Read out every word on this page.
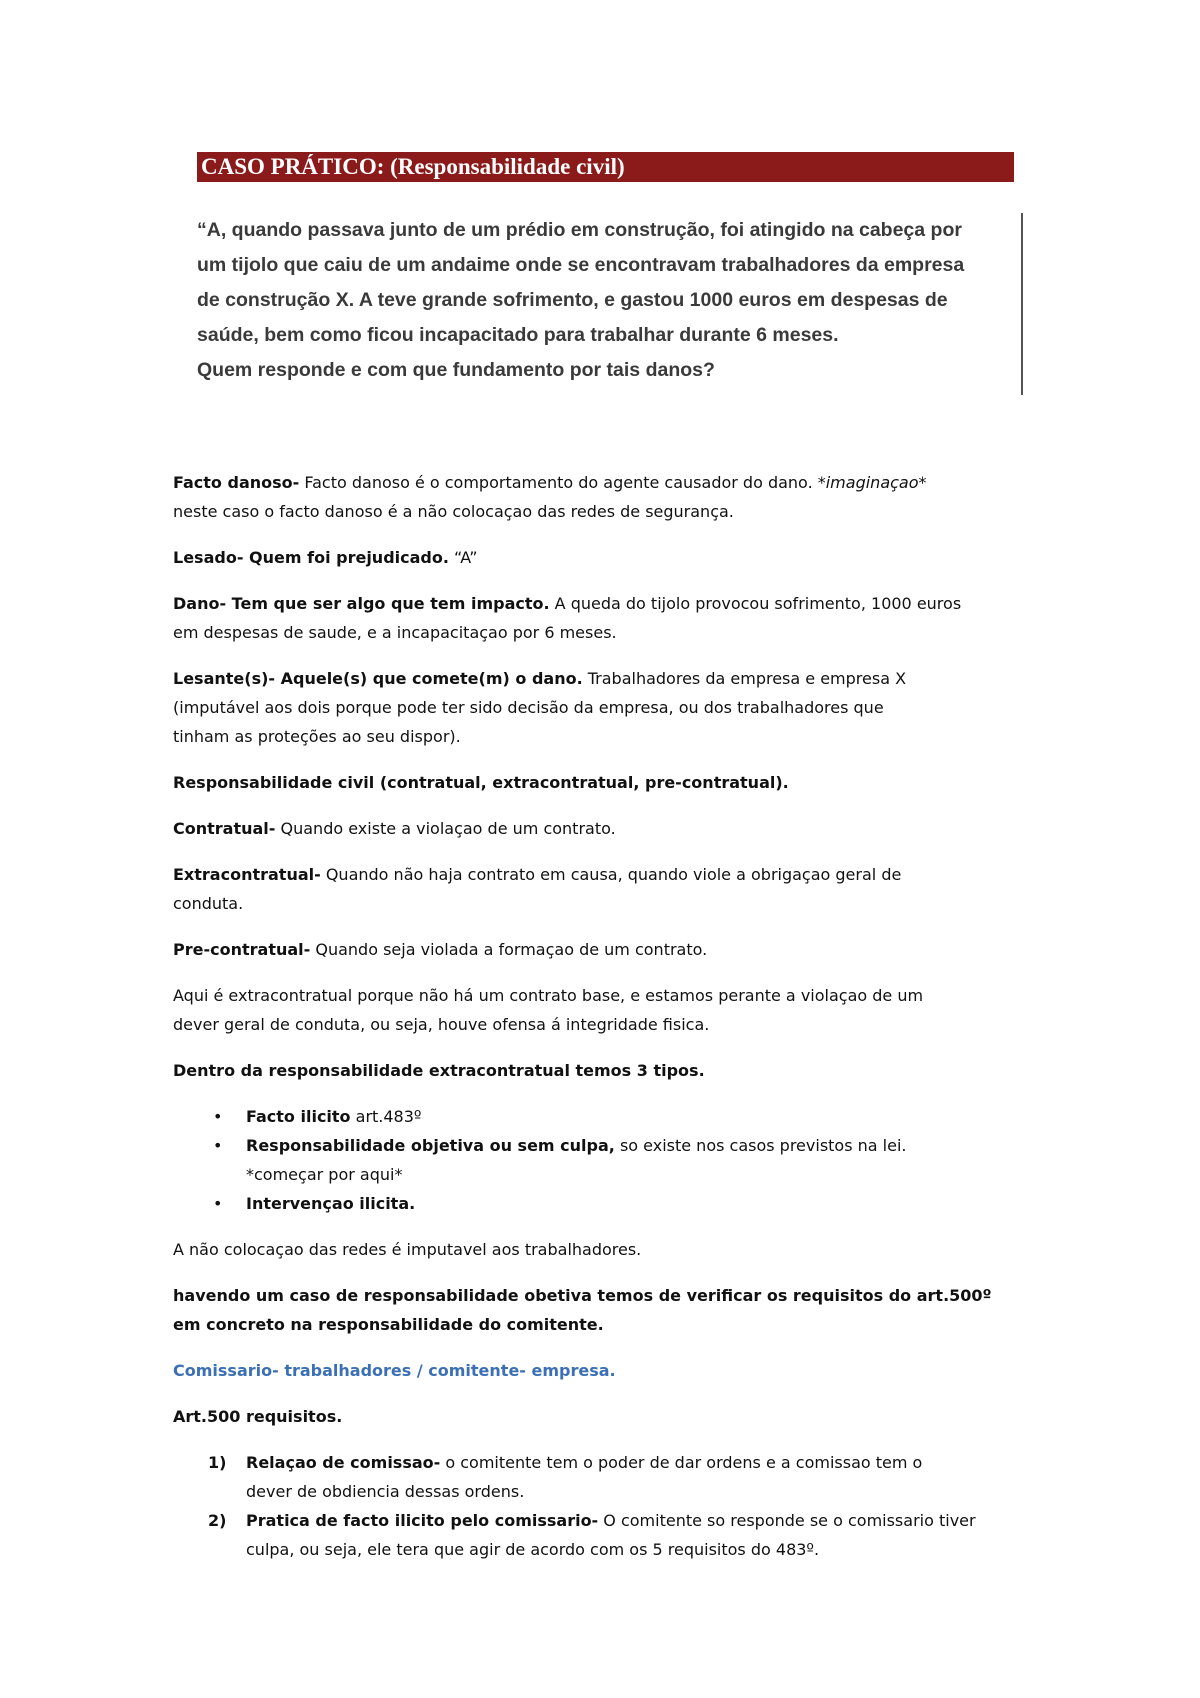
CASO PRÁTICO: (Responsabilidade civil)

“A, quando passava junto de um prédio em construção, foi atingido na cabeça por

um tijolo que caiu de um andaime onde se encontravam trabalhadores da empresa

de construção X. A teve grande sofrimento, e gastou 1000 euros em despesas de

saúde, bem como ficou incapacitado para trabalhar durante 6 meses.

Quem responde e com que fundamento por tais danos?

Facto danoso- Facto danoso é o comportamento do agente causador do dano. *imaginaçao*
neste caso o facto danoso é a não colocaçao das redes de segurança.
Lesado- Quem foi prejudicado. “A”
Dano- Tem que ser algo que tem impacto. A queda do tijolo provocou sofrimento, 1000 euros
em despesas de saude, e a incapacitaçao por 6 meses.
Lesante(s)- Aquele(s) que comete(m) o dano. Trabalhadores da empresa e empresa X
(imputável aos dois porque pode ter sido decisão da empresa, ou dos trabalhadores que
tinham as proteções ao seu dispor).
Responsabilidade civil (contratual, extracontratual, pre-contratual).
Contratual- Quando existe a violaçao de um contrato.
Extracontratual- Quando não haja contrato em causa, quando viole a obrigaçao geral de
conduta.
Pre-contratual- Quando seja violada a formaçao de um contrato.
Aqui é extracontratual porque não há um contrato base, e estamos perante a violaçao de um
dever geral de conduta, ou seja, houve ofensa á integridade fisica.
Dentro da responsabilidade extracontratual temos 3 tipos.
• Facto ilicito art.483º
• Responsabilidade objetiva ou sem culpa, so existe nos casos previstos na lei.
*começar por aqui*
• Intervençao ilicita.
A não colocaçao das redes é imputavel aos trabalhadores.
havendo um caso de responsabilidade obetiva temos de verificar os requisitos do art.500º
em concreto na responsabilidade do comitente.
Comissario- trabalhadores / comitente- empresa.
Art.500 requisitos.
1) Relaçao de comissao- o comitente tem o poder de dar ordens e a comissao tem o
dever de obdiencia dessas ordens.
2) Pratica de facto ilicito pelo comissario- O comitente so responde se o comissario tiver
culpa, ou seja, ele tera que agir de acordo com os 5 requisitos do 483º.
